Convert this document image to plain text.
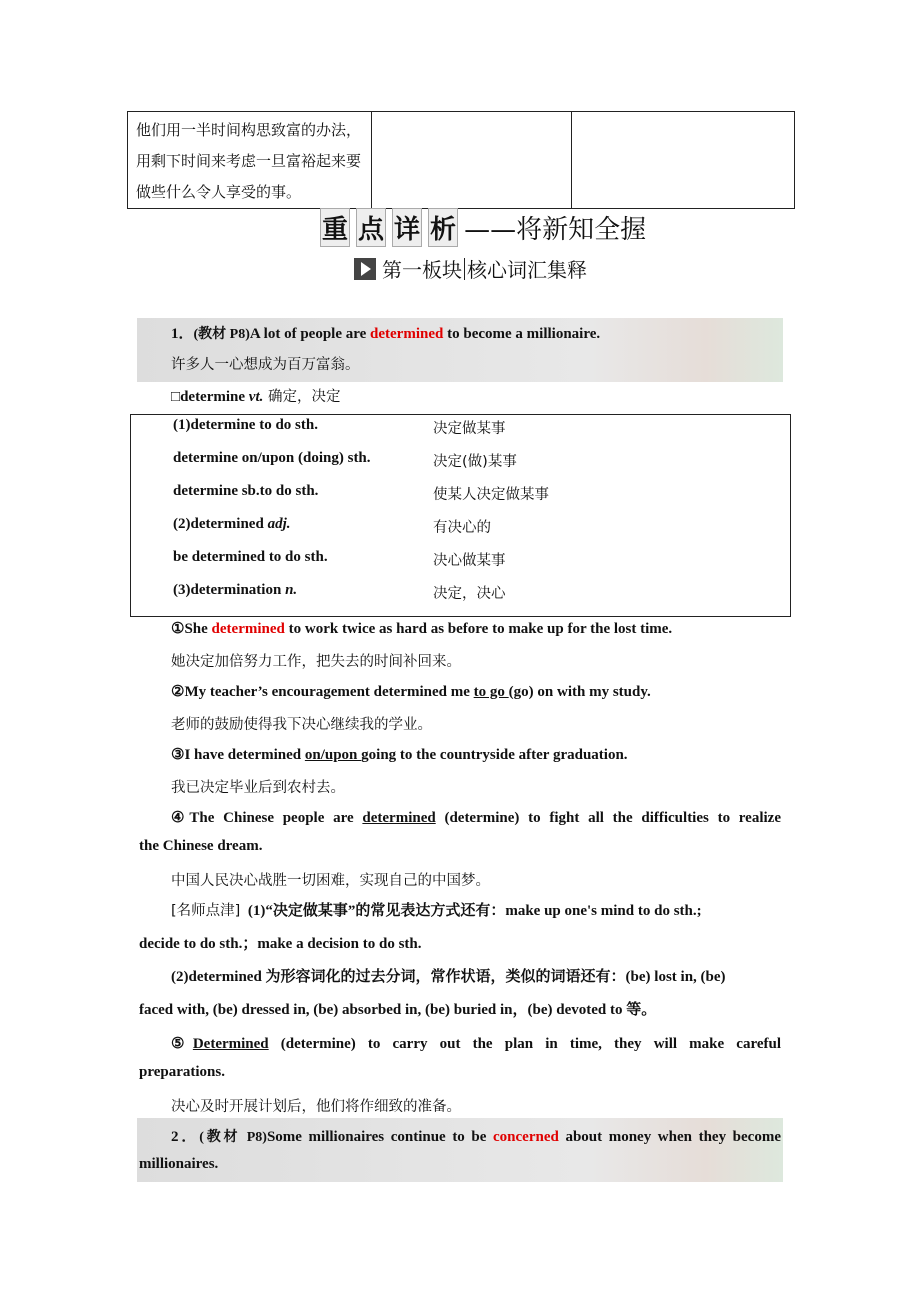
他们用一半时间构思致富的办法，用剩下时间来考虑一旦富裕起来要做些什么令人享受的事。
重 点 详 析 ——将新知全握
第一板块 核心词汇集释
1．(教材 P8)A lot of people are determined to become a millionaire.
许多人一心想成为百万富翁。
□determine vt. 确定，决定
(1)determine to do sth.	决定做某事
determine on/upon (doing) sth.	决定(做)某事
determine sb.to do sth.	使某人决定做某事
(2)determined adj.	有决心的
be determined to do sth.	决心做某事
(3)determination n.	决定，决心
①She determined to work twice as hard as before to make up for the lost time.
她决定加倍努力工作，把失去的时间补回来。
②My teacher’s encouragement determined me to go (go) on with my study.
老师的鼓励使得我下决心继续我的学业。
③I have determined on/upon going to the countryside after graduation.
我已决定毕业后到农村去。
④The Chinese people are determined (determine) to fight all the difficulties to realize
the Chinese dream.
中国人民决心战胜一切困难，实现自己的中国梦。
[名师点津] (1)“决定做某事”的常见表达方式还有：make up one's mind to do sth.;
decide to do sth.；make a decision to do sth.
(2)determined 为形容词化的过去分词，常作状语，类似的词语还有：(be) lost in, (be)
faced with, (be) dressed in, (be) absorbed in, (be) buried in，(be) devoted to 等。
⑤Determined (determine) to carry out the plan in time, they will make careful
preparations.
决心及时开展计划后，他们将作细致的准备。
2．(教材 P8)Some millionaires continue to be concerned about money when they become
millionaires.
